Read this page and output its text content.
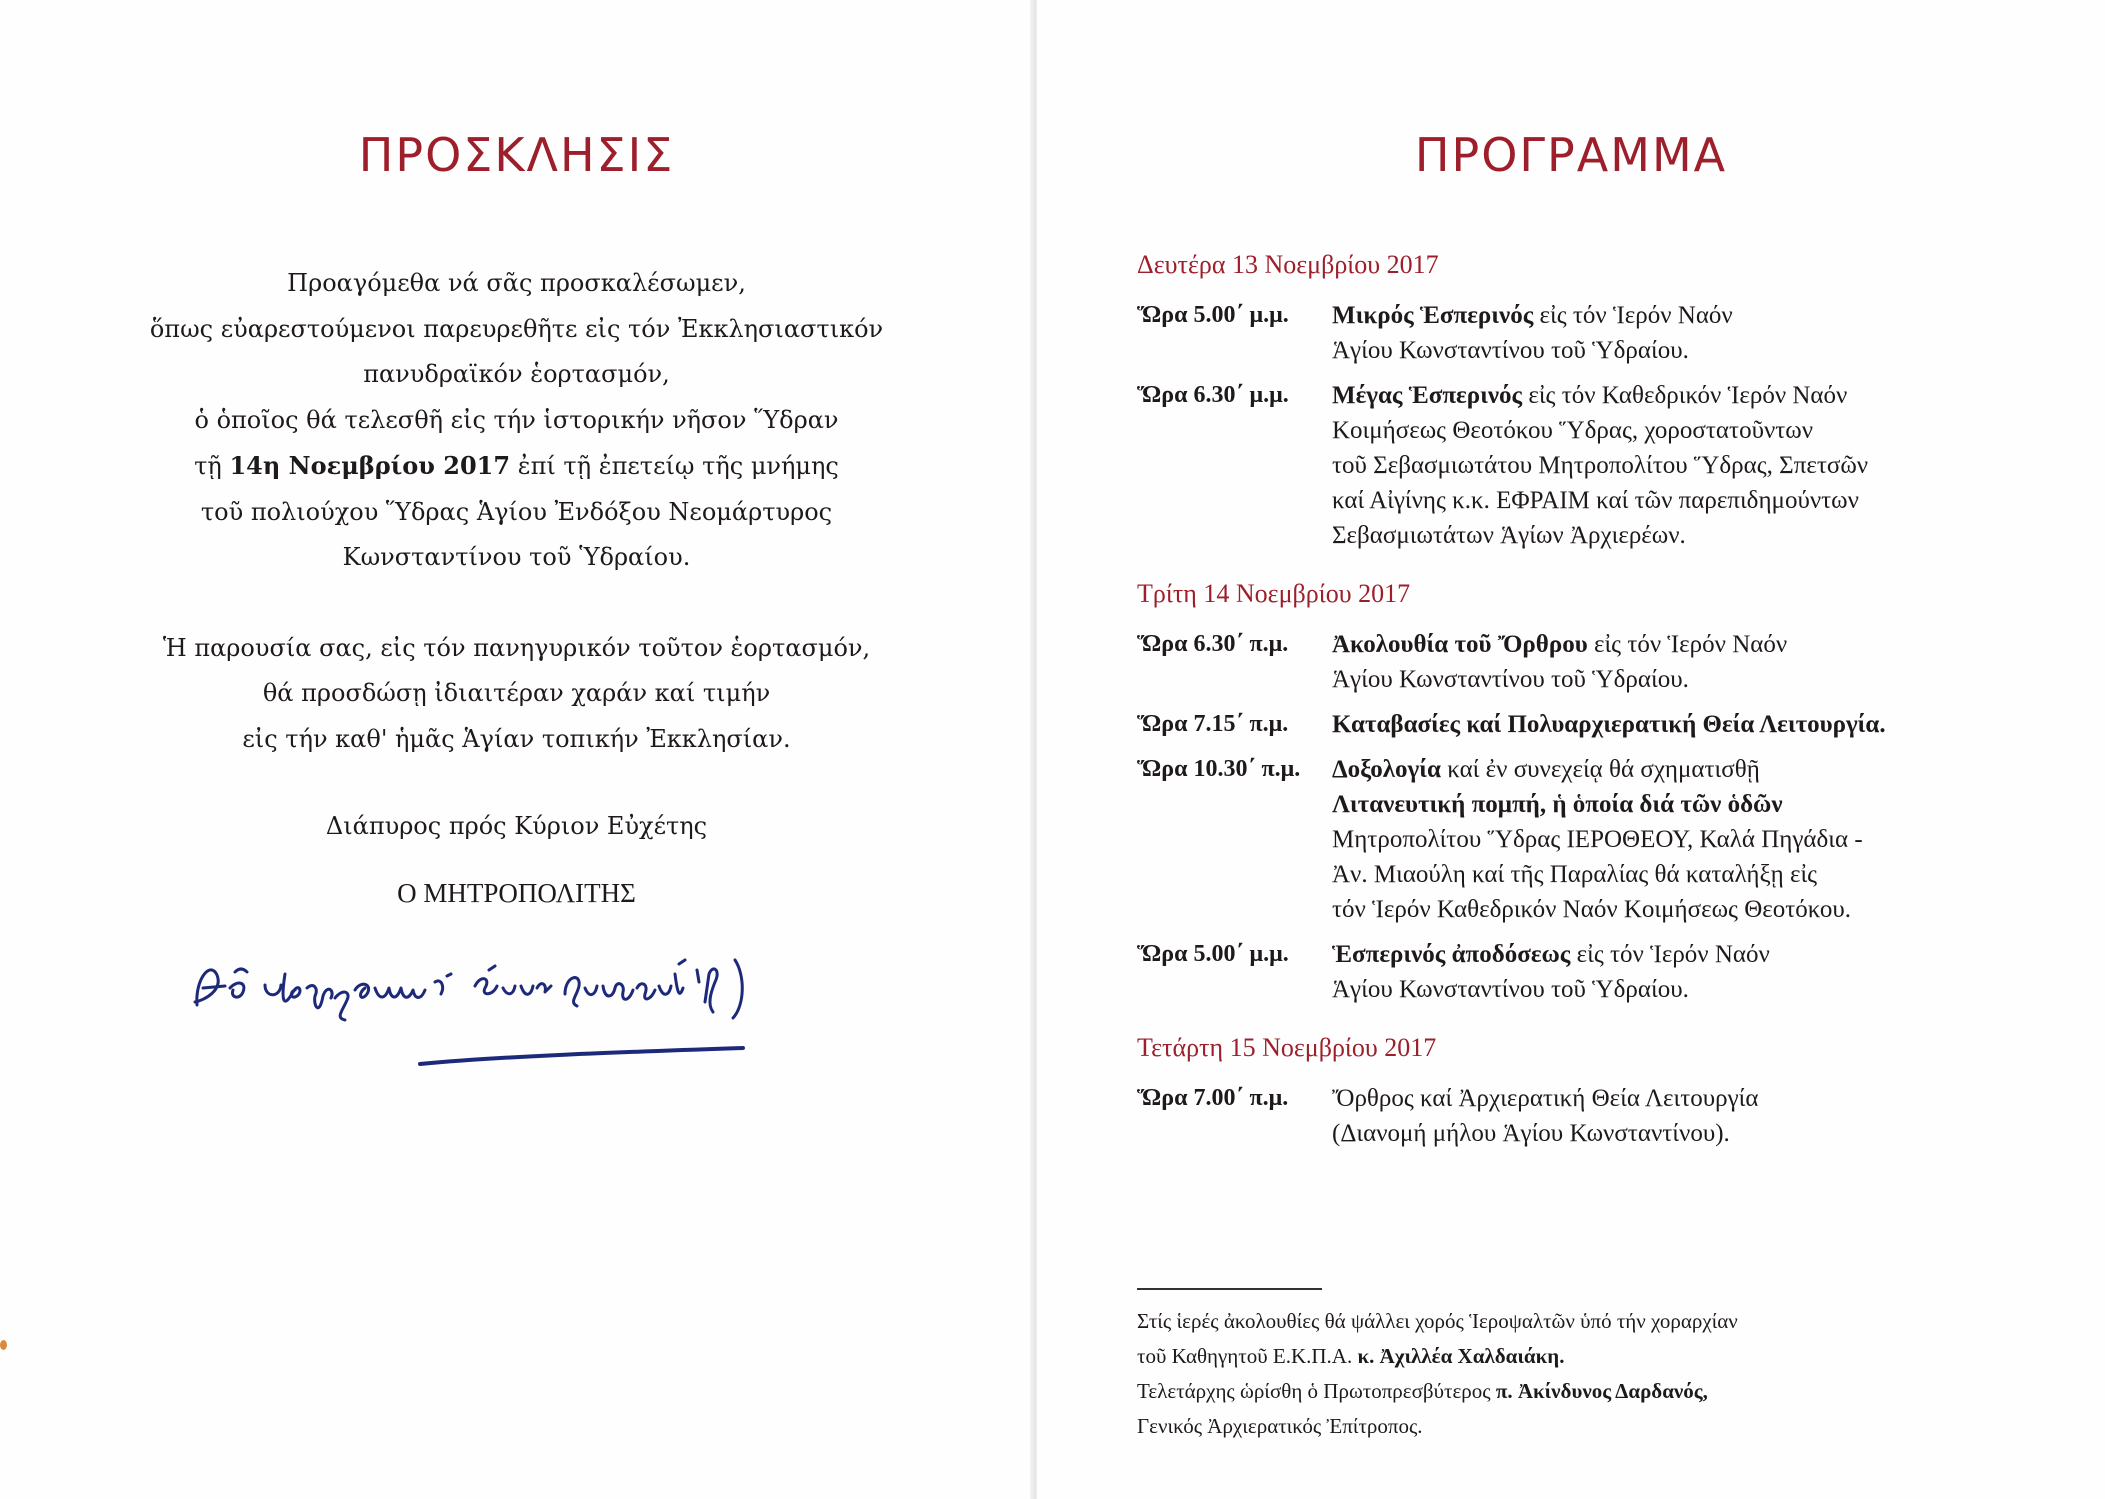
ΠΡΟΣΚΛΗΣΙΣ

Προαγόμεθα νά σᾶς προσκαλέσωμεν,

ὅπως εὐαρεστούμενοι παρευρεθῆτε εἰς τόν Ἐκκλησιαστικόν

πανυδραϊκόν ἑορτασμόν,

ὁ ὁποῖος θά τελεσθῆ εἰς τήν ἱστορικήν νῆσον Ὕδραν

τῇ 14η Νοεμβρίου 2017 ἐπί τῇ ἐπετείῳ τῆς μνήμης

τοῦ πολιούχου Ὕδρας Ἁγίου Ἐνδόξου Νεομάρτυρος

Κωνσταντίνου τοῦ Ὑδραίου.

Ἡ παρουσία σας, εἰς τόν πανηγυρικόν τοῦτον ἑορτασμόν,

θά προσδώσῃ ἰδιαιτέραν χαράν καί τιμήν

εἰς τήν καθ' ἡμᾶς Ἁγίαν τοπικήν Ἐκκλησίαν.

Διάπυρος πρός Κύριον Εὐχέτης
Ο ΜΗΤΡΟΠΟΛΙΤΗΣ
ΠΡΟΓΡΑΜΜΑ
Δευτέρα 13 Νοεμβρίου 2017
Ὥρα 5.00΄ μ.μ.	Μικρός Ἑσπερινός εἰς τόν Ἱερόν Ναόν
Ἁγίου Κωνσταντίνου τοῦ Ὑδραίου.
Ὥρα 6.30΄ μ.μ.	Μέγας Ἑσπερινός εἰς τόν Καθεδρικόν Ἱερόν Ναόν
Κοιμήσεως Θεοτόκου Ὕδρας, χοροστατοῦντων
τοῦ Σεβασμιωτάτου Μητροπολίτου Ὕδρας, Σπετσῶν
καί Αἰγίνης κ.κ. ΕΦΡΑΙΜ καί τῶν παρεπιδημούντων
Σεβασμιωτάτων Ἁγίων Ἀρχιερέων.
Τρίτη 14 Νοεμβρίου 2017
Ὥρα 6.30΄ π.μ.	Ἀκολουθία τοῦ Ὄρθρου εἰς τόν Ἱερόν Ναόν
Ἁγίου Κωνσταντίνου τοῦ Ὑδραίου.
Ὥρα 7.15΄ π.μ.	Καταβασίες καί Πολυαρχιερατική Θεία Λειτουργία.
Ὥρα 10.30΄ π.μ.	Δοξολογία καί ἐν συνεχείᾳ θά σχηματισθῇ
Λιτανευτική πομπή, ἡ ὁποία διά τῶν ὁδῶν
Μητροπολίτου Ὕδρας ΙΕΡΟΘΕΟΥ, Καλά Πηγάδια -
Ἀν. Μιαούλη καί τῆς Παραλίας θά καταλήξῃ εἰς
τόν Ἱερόν Καθεδρικόν Ναόν Κοιμήσεως Θεοτόκου.
Ὥρα 5.00΄ μ.μ.	Ἑσπερινός ἀποδόσεως εἰς τόν Ἱερόν Ναόν
Ἁγίου Κωνσταντίνου τοῦ Ὑδραίου.
Τετάρτη 15 Νοεμβρίου 2017
Ὥρα 7.00΄ π.μ.	Ὄρθρος καί Ἀρχιερατική Θεία Λειτουργία
(Διανομή μήλου Ἁγίου Κωνσταντίνου).

Στίς ἱερές ἀκολουθίες θά ψάλλει χορός Ἱεροψαλτῶν ὑπό τήν χοραρχίαν

τοῦ Καθηγητοῦ Ε.Κ.Π.Α. κ. Ἀχιλλέα Χαλδαιάκη.

Τελετάρχης ὡρίσθη ὁ Πρωτοπρεσβύτερος π. Ἀκίνδυνος Δαρδανός,

Γενικός Ἀρχιερατικός Ἐπίτροπος.
